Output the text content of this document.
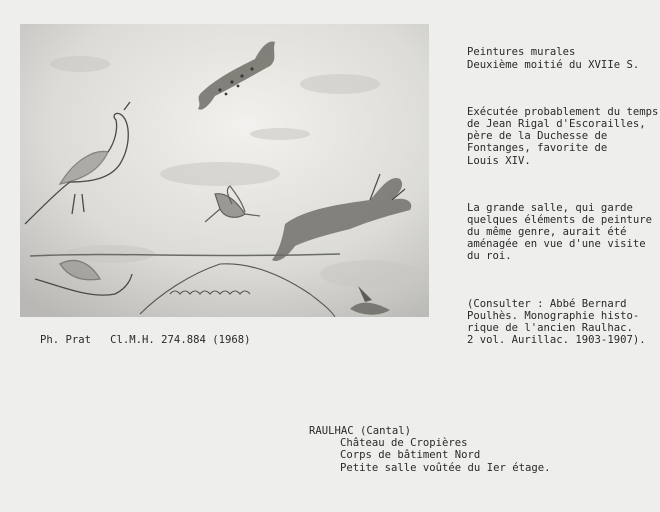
Peintures murales
Deuxième moitié du XVIIe S.

Exécutée probablement du temps
de Jean Rigal d'Escorailles,
père de la Duchesse de
Fontanges, favorite de
Louis XIV.

La grande salle, qui garde
quelques éléments de peinture
du même genre, aurait été
aménagée en vue d'une visite
du roi.

(Consulter : Abbé Bernard
Poulhès. Monographie histo-
rique de l'ancien Raulhac.
2 vol. Aurillac. 1903-1907).

Ph. Prat   Cl.M.H. 274.884 (1968)
RAULHAC (Cantal)
Château de Cropières
Corps de bâtiment Nord
Petite salle voûtée du Ier étage.
